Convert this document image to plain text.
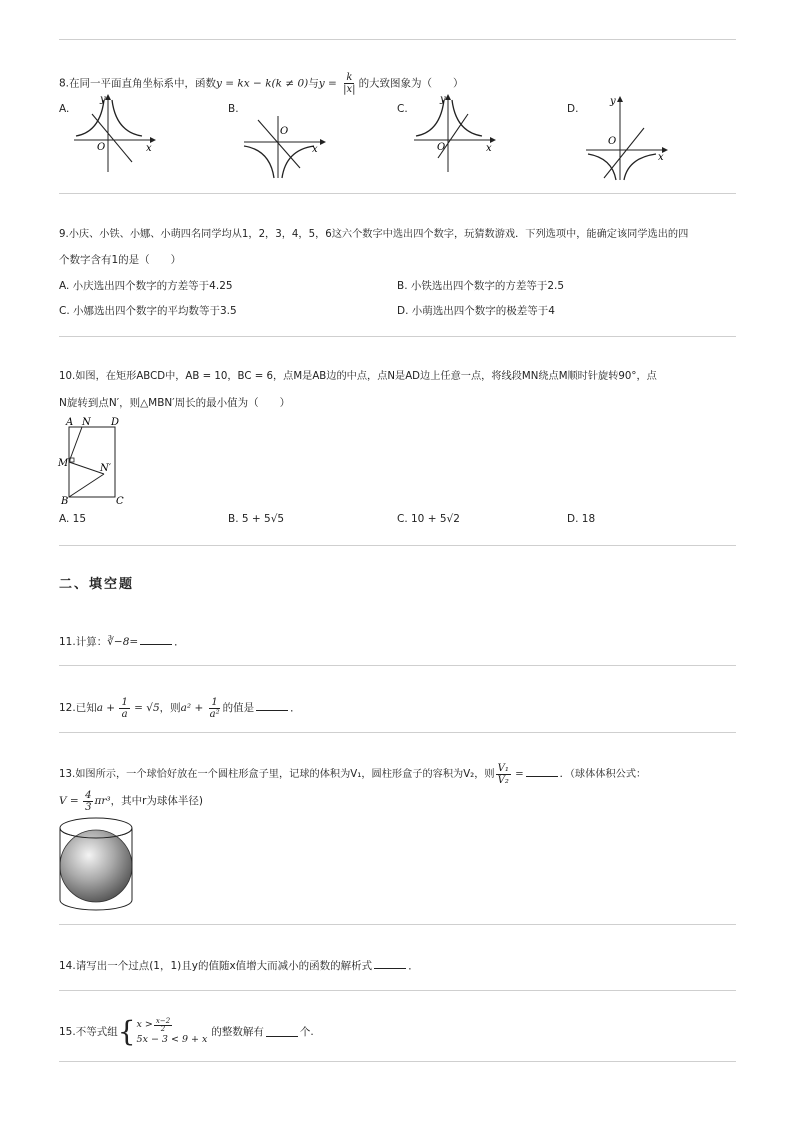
8.在同一平面直角坐标系中，函数y = kx − k(k ≠ 0)与$y = \frac{k}{|x|}$ 的大致图象为（　　）
A.	B.	C.	D.
y
O	x
O
x
y
O	x
y
O
x
9.小庆、小铁、小娜、小萌四名同学均从1，2，3，4，5，6这六个数字中选出四个数字，玩猜数游戏．下列选项中，能确定该同学选出的四
个数字含有1的是（　　）
A. 小庆选出四个数字的方差等于4.25	B. 小铁选出四个数字的方差等于2.5
C. 小娜选出四个数字的平均数等于3.5	D. 小萌选出四个数字的极差等于4
10.如图，在矩形ABCD中，AB = 10，BC = 6，点M是AB边的中点，点N是AD边上任意一点，将线段MN绕点M顺时针旋转90°，点
N旋转到点N′，则△MBN′周长的最小值为（　　）
A N D
M	N′
B	C
A. 15	B. 5 + 5√5	C. 10 + 5√2	D. 18
二、填空题
11.计算：∛−8=	．
12.已知$a + \frac{1}{a} = √5$，则$a^2 + \frac{1}{\text{a²}}$ 的值是	．
13.如图所示，一个球恰好放在一个圆柱形盒子里，记球的体积为V₁，圆柱形盒子的容积为V₂，则 $\frac{\text{V₁}}{\text{V₂}}$ =	．（球体体积公式：
$V = \frac{4}{3} \pi r^3$，其中r为球体半径)
14.请写出一个过点(1，1)且y的值随x值增大而减小的函数的解析式	．
15.不等式组 { $x > \frac{x-2}{2}$
5x − 3 < 9 + x
的整数解有	个.
